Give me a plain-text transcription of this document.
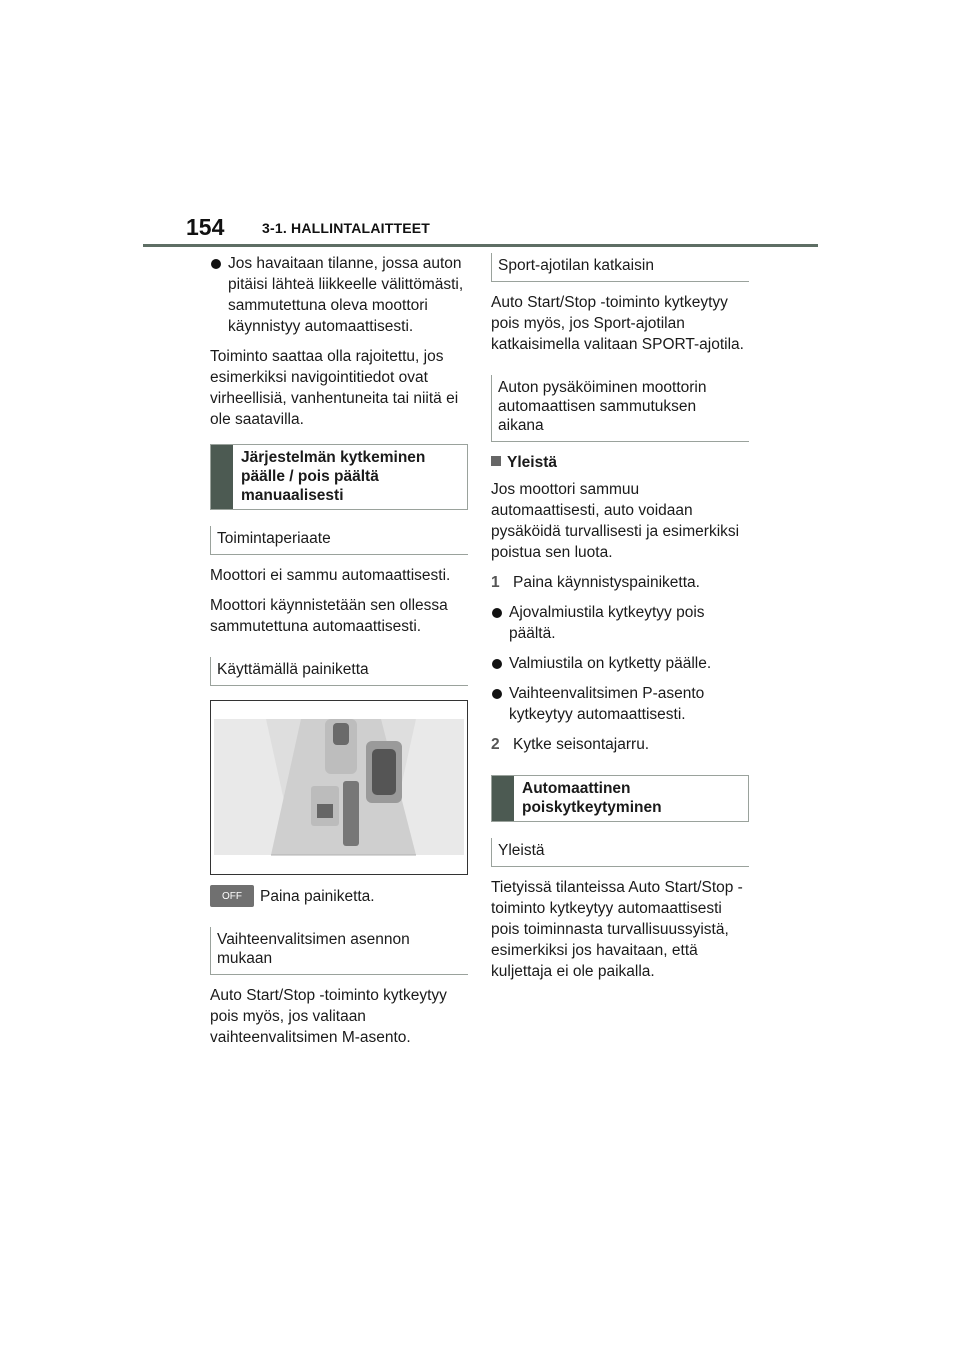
154	3-1. HALLINTALAITTEET
Jos havaitaan tilanne, jossa auton pitäisi lähteä liikkeelle välittömästi, sammutettuna oleva moottori käynnistyy automaattisesti.

Toiminto saattaa olla rajoitettu, jos esimerkiksi navigointitiedot ovat virheellisiä, vanhentuneita tai niitä ei ole saatavilla.

Järjestelmän kytkeminen päälle / pois päältä manuaalisesti
Toimintaperiaate

Moottori ei sammu automaattisesti.

Moottori käynnistetään sen ollessa sammutettuna automaattisesti.

Käyttämällä painiketta
OFF Paina painiketta.
Vaihteenvalitsimen asennon mukaan

Auto Start/Stop -toiminto kytkeytyy pois myös, jos valitaan vaihteenvalitsimen M-asento.

Sport-ajotilan katkaisin

Auto Start/Stop -toiminto kytkeytyy pois myös, jos Sport-ajotilan katkaisimella valitaan SPORT-ajotila.

Auton pysäköiminen moottorin automaattisen sammutuksen aikana
Yleistä

Jos moottori sammuu automaattisesti, auto voidaan pysäköidä turvallisesti ja esimerkiksi poistua sen luota.

1 Paina käynnistyspainiketta.
Ajovalmiustila kytkeytyy pois päältä.
Valmiustila on kytketty päälle.
Vaihteenvalitsimen P-asento kytkeytyy automaattisesti.
2 Kytke seisontajarru.
Automaattinen poiskytkeytyminen
Yleistä

Tietyissä tilanteissa Auto Start/Stop -toiminto kytkeytyy automaattisesti pois toiminnasta turvallisuussyistä, esimerkiksi jos havaitaan, että kuljettaja ei ole paikalla.
